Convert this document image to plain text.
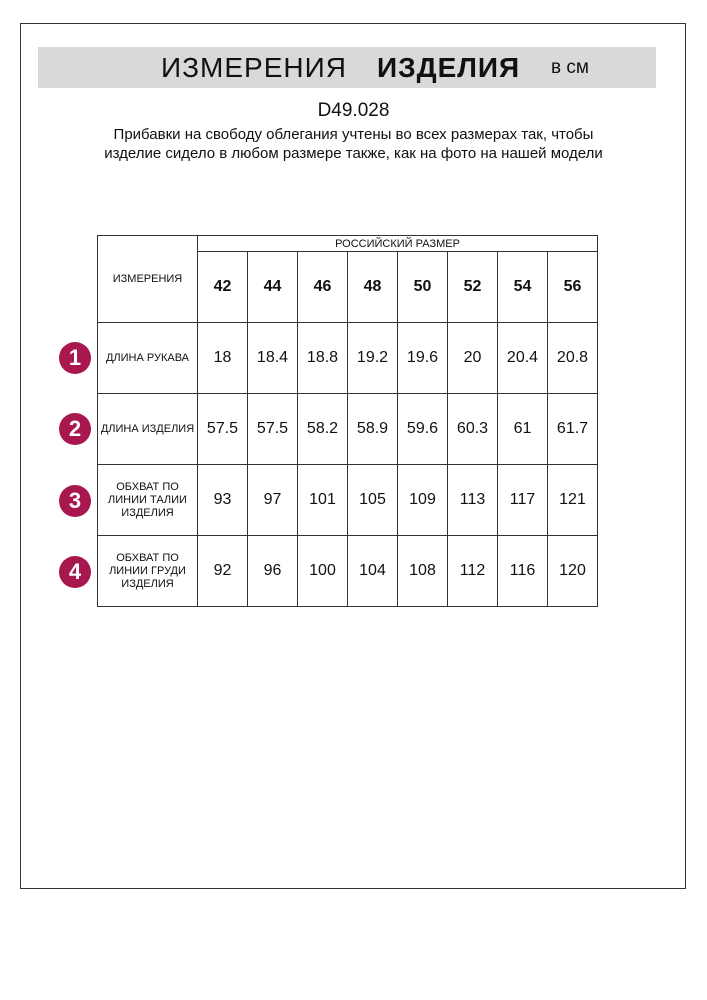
ИЗМЕРЕНИЯ ИЗДЕЛИЯ в см
D49.028
Прибавки на свободу облегания учтены во всех размерах так, чтобы изделие сидело в любом размере также, как на фото на нашей модели
ИЗМЕРЕНИЯ	РОССИЙСКИЙ РАЗМЕР							
	42	44	46	48	50	52	54	56
ДЛИНА РУКАВА	18	18.4	18.8	19.2	19.6	20	20.4	20.8
ДЛИНА ИЗДЕЛИЯ	57.5	57.5	58.2	58.9	59.6	60.3	61	61.7
ОБХВАТ ПО ЛИНИИ ТАЛИИ ИЗДЕЛИЯ	93	97	101	105	109	113	117	121
ОБХВАТ ПО ЛИНИИ ГРУДИ ИЗДЕЛИЯ	92	96	100	104	108	112	116	120
1
2
3
4
